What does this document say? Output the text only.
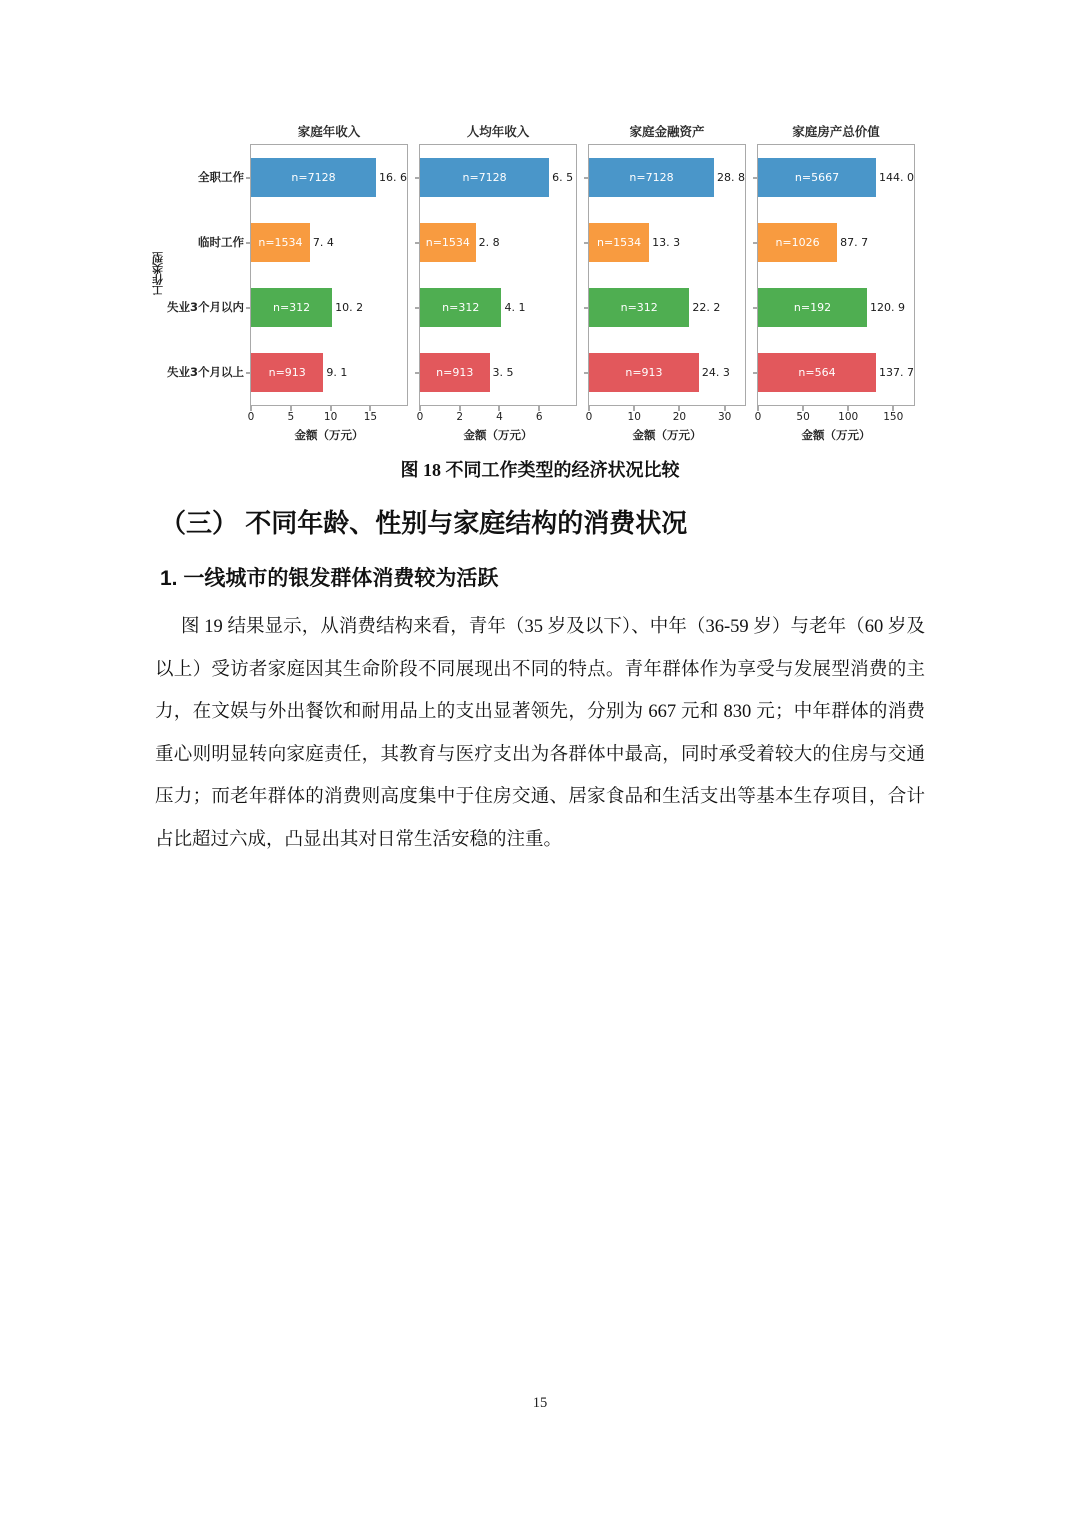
工作类型
全职工作
临时工作
失业3个月以内
失业3个月以上
家庭年收入
n=7128	16. 6
n=1534 7. 4
n=312 10. 2
n=913 9. 1
0	5	10	15
金额（万元）
人均年收入
n=7128	6. 5
n=1534 2. 8
n=312 4. 1
n=913 3. 5
0	2	4	6
金额（万元）
家庭金融资产
n=7128	28. 8
n=1534 13. 3
n=312	22. 2
n=913	24. 3
0	10	20	30
金额（万元）
家庭房产总价值
n=5667	144. 0
n=1026 87. 7
n=192	120. 9
n=564	137. 7
0	50	100 150
金额（万元）
图 18 不同工作类型的经济状况比较
（三） 不同年龄、性别与家庭结构的消费状况
1. 一线城市的银发群体消费较为活跃

图 19 结果显示，从消费结构来看，青年（35 岁及以下）、中年（36-59 岁）与老年（60 岁及以上）受访者家庭因其生命阶段不同展现出不同的特点。青年群体作为享受与发展型消费的主力，在文娱与外出餐饮和耐用品上的支出显著领先，分别为 667 元和 830 元；中年群体的消费重心则明显转向家庭责任，其教育与医疗支出为各群体中最高，同时承受着较大的住房与交通压力；而老年群体的消费则高度集中于住房交通、居家食品和生活支出等基本生存项目，合计占比超过六成，凸显出其对日常生活安稳的注重。

15
